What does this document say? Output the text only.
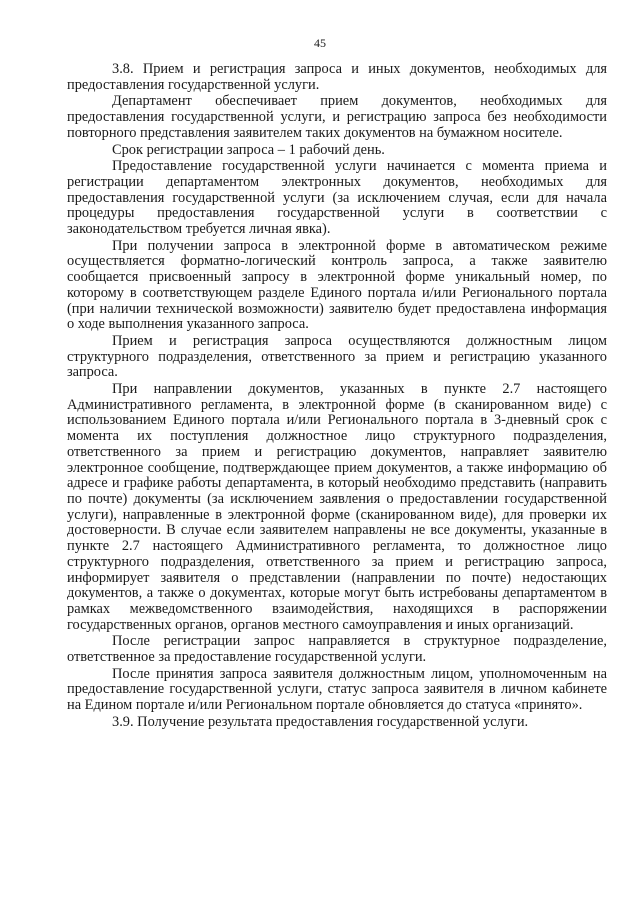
45

3.8. Прием и регистрация запроса и иных документов, необходимых для предоставления государственной услуги.

Департамент обеспечивает прием документов, необходимых для предоставления государственной услуги, и регистрацию запроса без необходимости повторного представления заявителем таких документов на бумажном носителе.

Срок регистрации запроса – 1 рабочий день.

Предоставление государственной услуги начинается с момента приема и регистрации департаментом электронных документов, необходимых для предоставления государственной услуги (за исключением случая, если для начала процедуры предоставления государственной услуги в соответствии с законодательством требуется личная явка).

При получении запроса в электронной форме в автоматическом режиме осуществляется форматно-логический контроль запроса, а также заявителю сообщается присвоенный запросу в электронной форме уникальный номер, по которому в соответствующем разделе Единого портала и/или Регионального портала (при наличии технической возможности) заявителю будет предоставлена информация о ходе выполнения указанного запроса.

Прием и регистрация запроса осуществляются должностным лицом структурного подразделения, ответственного за прием и регистрацию указанного запроса.

При направлении документов, указанных в пункте 2.7 настоящего Административного регламента, в электронной форме (в сканированном виде) с использованием Единого портала и/или Регионального портала в 3-дневный срок с момента их поступления должностное лицо структурного подразделения, ответственного за прием и регистрацию документов, направляет заявителю электронное сообщение, подтверждающее прием документов, а также информацию об адресе и графике работы департамента, в который необходимо представить (направить по почте) документы (за исключением заявления о предоставлении государственной услуги), направленные в электронной форме (сканированном виде), для проверки их достоверности. В случае если заявителем направлены не все документы, указанные в пункте 2.7 настоящего Административного регламента, то должностное лицо структурного подразделения, ответственного за прием и регистрацию запроса, информирует заявителя о представлении (направлении по почте) недостающих документов, а также о документах, которые могут быть истребованы департаментом в рамках межведомственного взаимодействия, находящихся в распоряжении государственных органов, органов местного самоуправления и иных организаций.

После регистрации запрос направляется в структурное подразделение, ответственное за предоставление государственной услуги.

После принятия запроса заявителя должностным лицом, уполномоченным на предоставление государственной услуги, статус запроса заявителя в личном кабинете на Едином портале и/или Региональном портале обновляется до статуса «принято».

3.9. Получение результата предоставления государственной услуги.
